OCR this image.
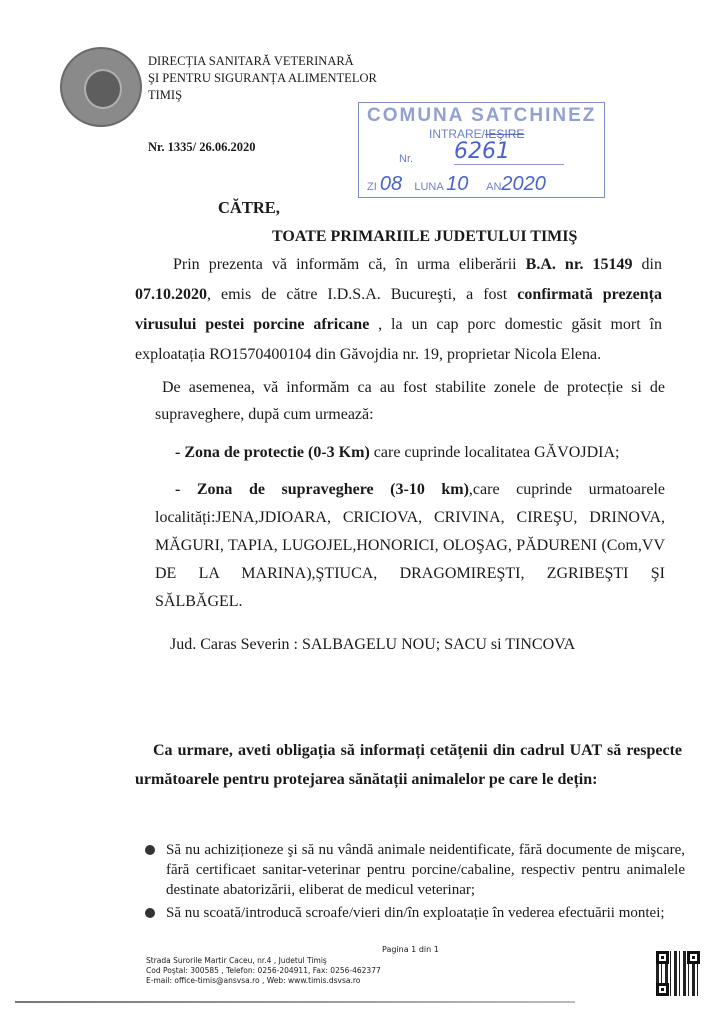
DIRECȚIA SANITARĂ VETERINARĂ
ŞI PENTRU SIGURANȚA ALIMENTELOR
TIMIŞ
Nr. 1335/ 26.06.2020
COMUNA SATCHINEZ
INTRARE/IEŞIRE
Nr. 6261
ZI 08 LUNA 10 AN2020
CĂTRE,
TOATE PRIMARIILE JUDETULUI TIMIŞ
Prin prezenta vă informăm că, în urma eliberării B.A. nr. 15149 din 07.10.2020, emis de către I.D.S.A. Bucureşti, a fost confirmată prezența virusului pestei porcine africane , la un cap porc domestic găsit mort în exploatația RO1570400104 din Găvojdia nr. 19, proprietar Nicola Elena.
De asemenea, vă informăm ca au fost stabilite zonele de protecție si de supraveghere, după cum urmează:
- Zona de protectie (0-3 Km) care cuprinde localitatea GĂVOJDIA;
- Zona de supraveghere (3-10 km),care cuprinde urmatoarele localități:JENA,JDIOARA, CRICIOVA, CRIVINA, CIREŞU, DRINOVA, MĂGURI, TAPIA, LUGOJEL,HONORICI, OLOŞAG, PĂDURENI (Com,VV DE LA MARINA),ŞTIUCA, DRAGOMIREŞTI, ZGRIBEŞTI ŞI SĂLBĂGEL.
Jud. Caras Severin : SALBAGELU NOU; SACU si TINCOVA
Ca urmare, aveti obligația să informați cetățenii din cadrul UAT să respecte următoarele pentru protejarea sănătații animalelor pe care le dețin:
Să nu achiziționeze şi să nu vândă animale neidentificate, fără documente de mişcare, fără certificaet sanitar-veterinar pentru porcine/cabaline, respectiv pentru animalele destinate abatorizării, eliberat de medicul veterinar;
Să nu scoată/introducă scroafe/vieri din/în exploatație în vederea efectuării montei;
Pagina 1 din 1
Strada Surorile Martir Caceu, nr.4 , Judetul Timiş
Cod Poştal: 300585 , Telefon: 0256-204911, Fax: 0256-462377
E-mail: office-timis@ansvsa.ro , Web: www.timis.dsvsa.ro
